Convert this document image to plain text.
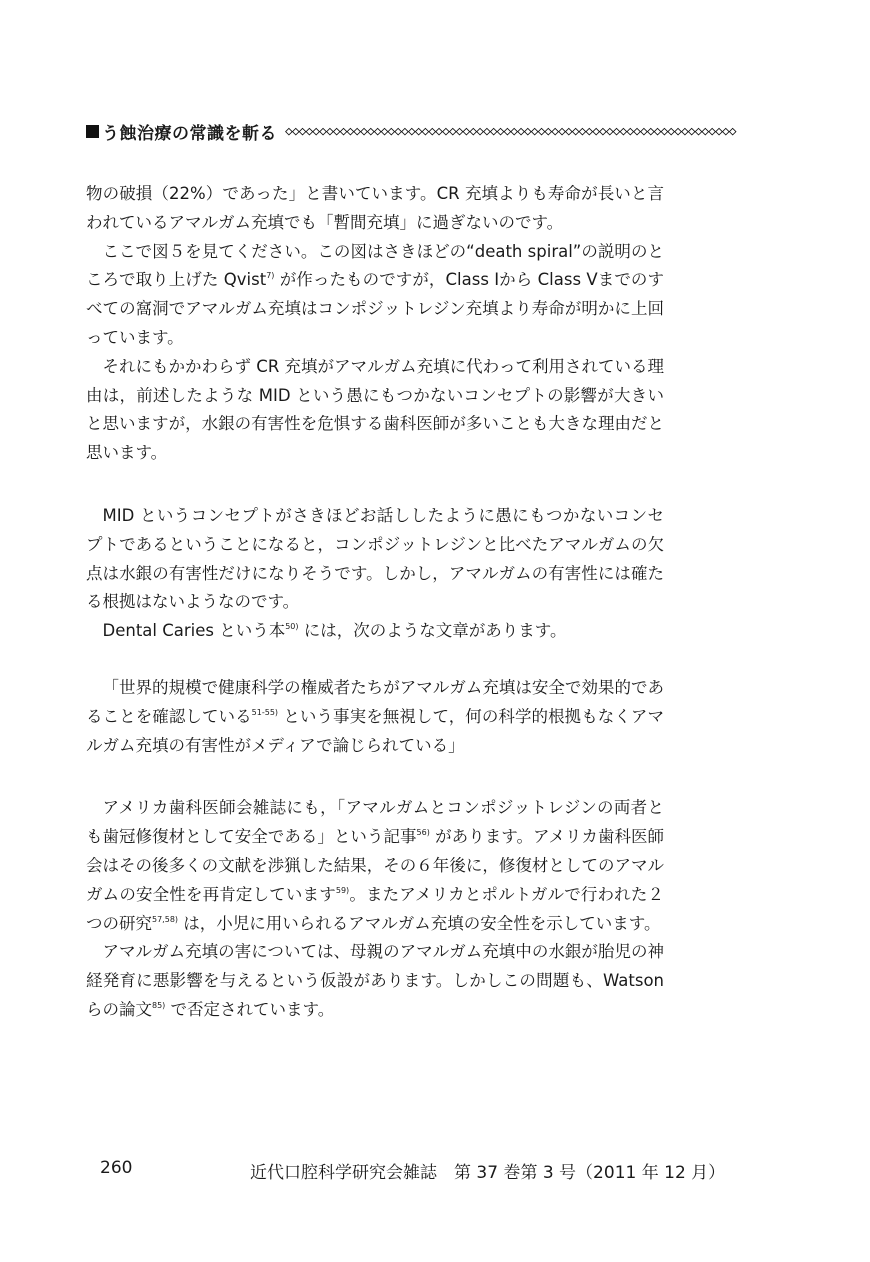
う蝕治療の常識を斬る ◇◇◇◇◇◇◇◇◇◇◇◇◇◇◇◇◇◇◇◇◇◇◇◇◇◇◇◇◇◇◇◇◇◇◇◇◇◇◇◇◇◇◇◇◇◇◇◇◇◇◇◇◇◇◇◇◇◇◇◇◇◇◇◇◇◇

物の破損（22%）であった」と書いています。CR 充填よりも寿命が長いと言われているアマルガム充填でも「暫間充填」に過ぎないのです。

ここで図５を見てください。この図はさきほどの“death spiral”の説明のところで取り上げた Qvist$^{7)}$ が作ったものですが，Class Ⅰから Class Ⅴまでのすべての窩洞でアマルガム充填はコンポジットレジン充填より寿命が明かに上回っています。

それにもかかわらず CR 充填がアマルガム充填に代わって利用されている理由は，前述したような MID という愚にもつかないコンセプトの影響が大きいと思いますが，水銀の有害性を危惧する歯科医師が多いことも大きな理由だと思います。

MID というコンセプトがさきほどお話ししたように愚にもつかないコンセプトであるということになると，コンポジットレジンと比べたアマルガムの欠点は水銀の有害性だけになりそうです。しかし，アマルガムの有害性には確たる根拠はないようなのです。

Dental Caries という本$^{50)}$ には，次のような文章があります。

「世界的規模で健康科学の権威者たちがアマルガム充填は安全で効果的であることを確認している$^{51-55)}$ という事実を無視して，何の科学的根拠もなくアマルガム充填の有害性がメディアで論じられている」

アメリカ歯科医師会雑誌にも，「アマルガムとコンポジットレジンの両者とも歯冠修復材として安全である」という記事$^{56)}$ があります。アメリカ歯科医師会はその後多くの文献を渉猟した結果，その６年後に，修復材としてのアマルガムの安全性を再肯定しています$^{59)}$。またアメリカとポルトガルで行われた２つの研究$^{57,58)}$ は，小児に用いられるアマルガム充填の安全性を示しています。

アマルガム充填の害については、母親のアマルガム充填中の水銀が胎児の神経発育に悪影響を与えるという仮設があります。しかしこの問題も、Watson らの論文$^{85)}$ で否定されています。

260	近代口腔科学研究会雑誌　第 37 巻第 3 号（2011 年 12 月）
